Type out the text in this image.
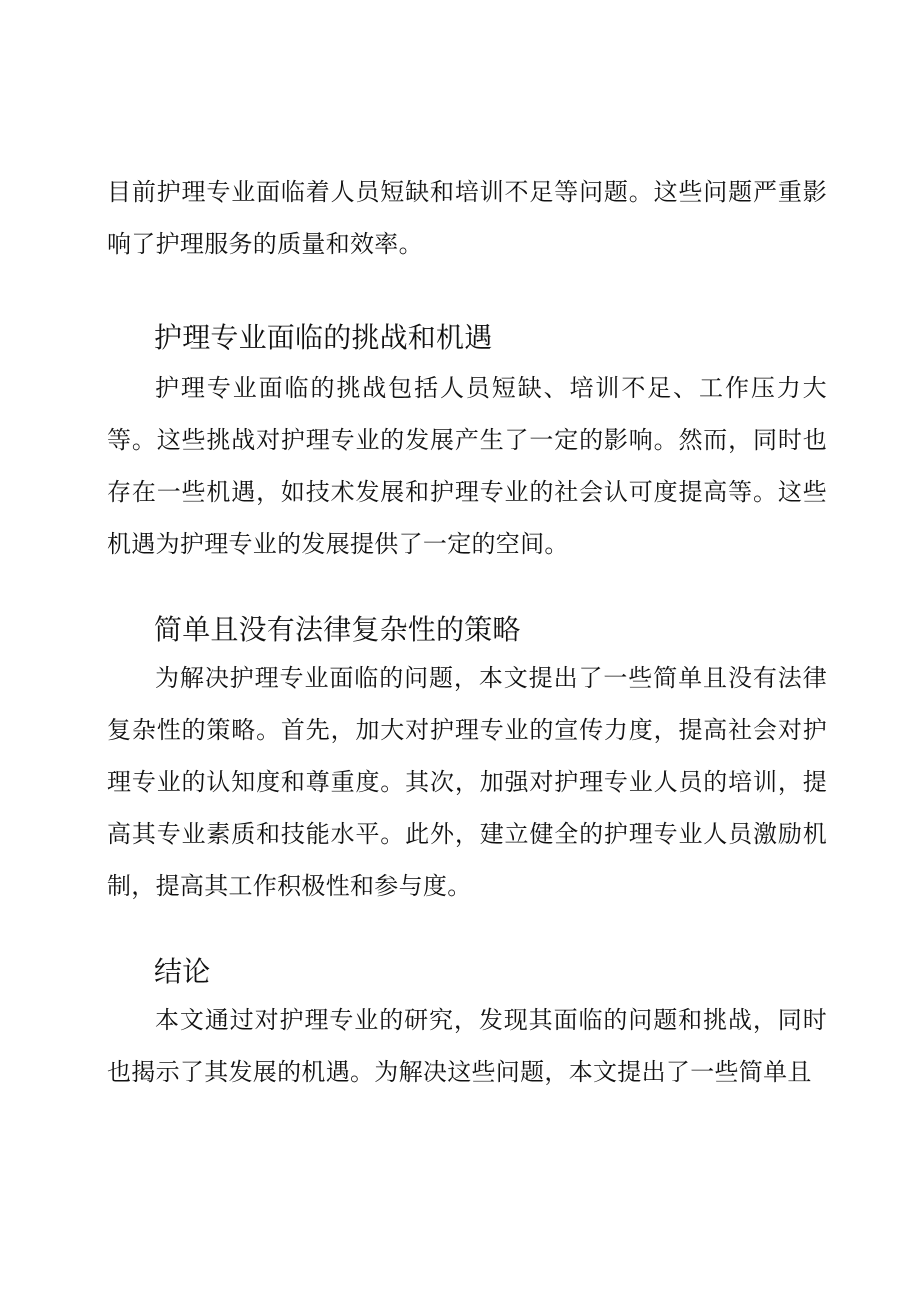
目前护理专业面临着人员短缺和培训不足等问题。这些问题严重影响了护理服务的质量和效率。

护理专业面临的挑战和机遇

护理专业面临的挑战包括人员短缺、培训不足、工作压力大等。这些挑战对护理专业的发展产生了一定的影响。然而，同时也存在一些机遇，如技术发展和护理专业的社会认可度提高等。这些机遇为护理专业的发展提供了一定的空间。

简单且没有法律复杂性的策略

为解决护理专业面临的问题，本文提出了一些简单且没有法律复杂性的策略。首先，加大对护理专业的宣传力度，提高社会对护理专业的认知度和尊重度。其次，加强对护理专业人员的培训，提高其专业素质和技能水平。此外，建立健全的护理专业人员激励机制，提高其工作积极性和参与度。

结论

本文通过对护理专业的研究，发现其面临的问题和挑战，同时也揭示了其发展的机遇。为解决这些问题，本文提出了一些简单且
